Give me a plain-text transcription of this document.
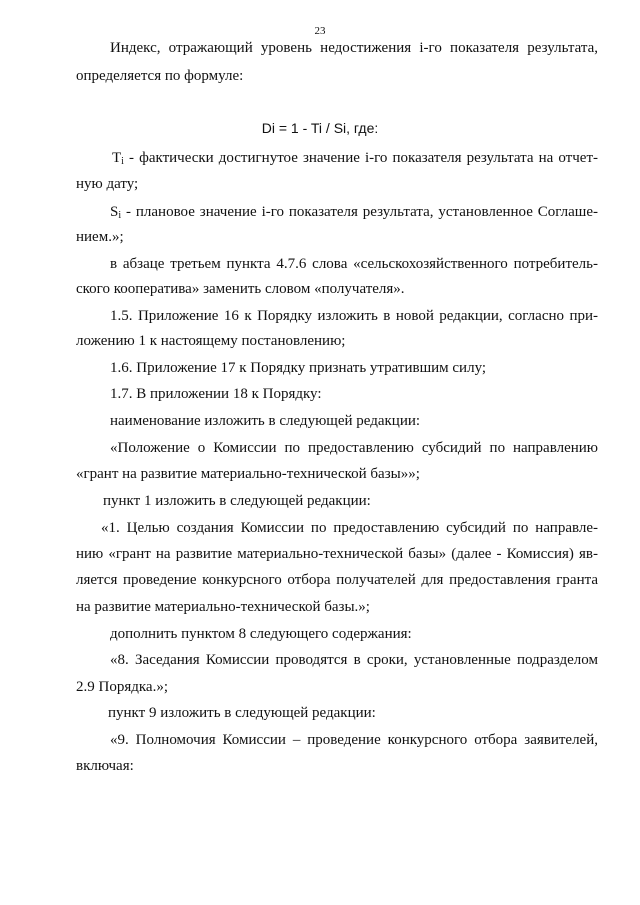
23
Индекс, отражающий уровень недостижения i-го показателя результата,
определяется по формуле:
Di = 1 - Ti / Si, где:
$T_i$ - фактически достигнутое значение i-го показателя результата на отчет-
ную дату;
$S_i$ - плановое значение i-го показателя результата, установленное Соглаше-
нием.»;
в абзаце третьем пункта 4.7.6 слова «сельскохозяйственного потребитель-
ского кооператива» заменить словом «получателя».
1.5. Приложение 16 к Порядку изложить в новой редакции, согласно при-
ложению 1 к настоящему постановлению;
1.6. Приложение 17 к Порядку признать утратившим силу;
1.7. В приложении 18 к Порядку:
наименование изложить в следующей редакции:
«Положение о Комиссии по предоставлению субсидий по направлению
«грант на развитие материально-технической базы»»;
пункт 1 изложить в следующей редакции:
«1. Целью создания Комиссии по предоставлению субсидий по направле-
нию «грант на развитие материально-технической базы» (далее - Комиссия) яв-
ляется проведение конкурсного отбора получателей для предоставления гранта
на развитие материально-технической базы.»;
дополнить пунктом 8 следующего содержания:
«8. Заседания Комиссии проводятся в сроки, установленные подразделом
2.9 Порядка.»;
пункт 9 изложить в следующей редакции:
«9. Полномочия Комиссии – проведение конкурсного отбора заявителей,
включая:
